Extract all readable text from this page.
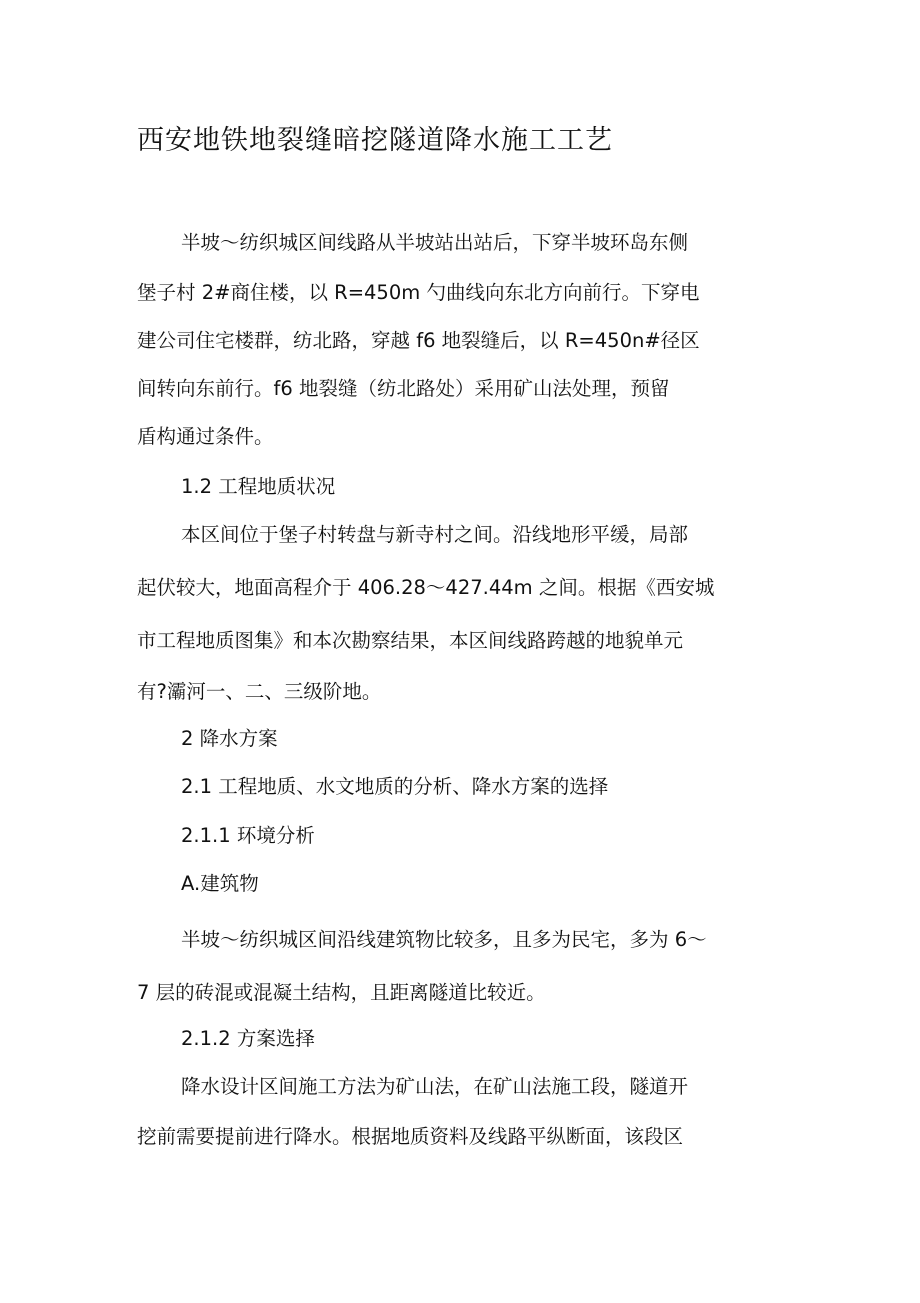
西安地铁地裂缝暗挖隧道降水施工工艺

半坡〜纺织城区间线路从半坡站出站后，下穿半坡环岛东侧

堡子村 2#商住楼，以 R=450m 勺曲线向东北方向前行。下穿电

建公司住宅楼群，纺北路，穿越 f6 地裂缝后，以 R=450n#径区

间转向东前行。f6 地裂缝（纺北路处）采用矿山法处理，预留

盾构通过条件。

1.2 工程地质状况

本区间位于堡子村转盘与新寺村之间。沿线地形平缓，局部

起伏较大，地面高程介于 406.28〜427.44m 之间。根据《西安城

市工程地质图集》和本次勘察结果，本区间线路跨越的地貌单元

有?灞河一、二、三级阶地。

2 降水方案

2.1 工程地质、水文地质的分析、降水方案的选择

2.1.1 环境分析

A.建筑物

半坡〜纺织城区间沿线建筑物比较多，且多为民宅，多为 6〜

7 层的砖混或混凝土结构，且距离隧道比较近。

2.1.2 方案选择

降水设计区间施工方法为矿山法，在矿山法施工段，隧道开

挖前需要提前进行降水。根据地质资料及线路平纵断面，该段区
